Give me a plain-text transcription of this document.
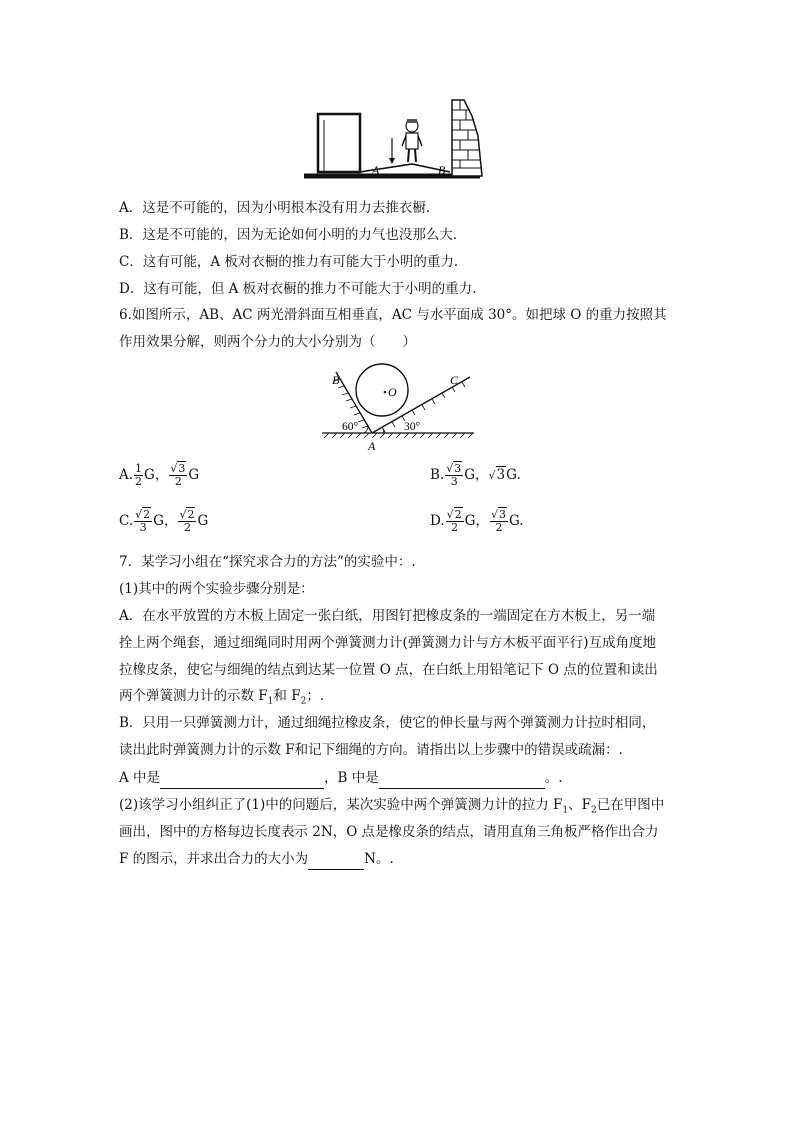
A	B
A．这是不可能的，因为小明根本没有用力去推衣橱.
B．这是不可能的，因为无论如何小明的力气也没那么大.
C．这有可能，A 板对衣橱的推力有可能大于小明的重力.
D．这有可能，但 A 板对衣橱的推力不可能大于小明的重力.
6.如图所示，AB、AC 两光滑斜面互相垂直，AC 与水平面成 30°。如把球 O 的重力按照其
作用效果分解，则两个分力的大小分别为（　　）
B	C
O
60°	30°
A
A. $\frac{1}{2}$ G， $\frac{√3}{2}$ G	B. $\frac{√3}{3}$ G，√3G.
C. $\frac{√2}{3}$ G， $\frac{√2}{2}$ G	D. $\frac{√2}{2}$ G， $\frac{√3}{2} G$.
7．某学习小组在“探究求合力的方法”的实验中：.
(1)其中的两个实验步骤分别是：
A．在水平放置的方木板上固定一张白纸，用图钉把橡皮条的一端固定在方木板上，另一端
拴上两个绳套，通过细绳同时用两个弹簧测力计(弹簧测力计与方木板平面平行)互成角度地
拉橡皮条，使它与细绳的结点到达某一位置 O 点，在白纸上用铅笔记下 O 点的位置和读出
两个弹簧测力计的示数 $F_1$和 $F_2$；.
B．只用一只弹簧测力计，通过细绳拉橡皮条，使它的伸长量与两个弹簧测力计拉时相同，
读出此时弹簧测力计的示数 F和记下细绳的方向。请指出以上步骤中的错误或疏漏：.
A 中是	，B 中是	。.
(2)该学习小组纠正了(1)中的问题后，某次实验中两个弹簧测力计的拉力 $F_1$、$F_2$已在甲图中
画出，图中的方格每边长度表示 2N，O 点是橡皮条的结点，请用直角三角板严格作出合力
F 的图示，并求出合力的大小为	N。.
